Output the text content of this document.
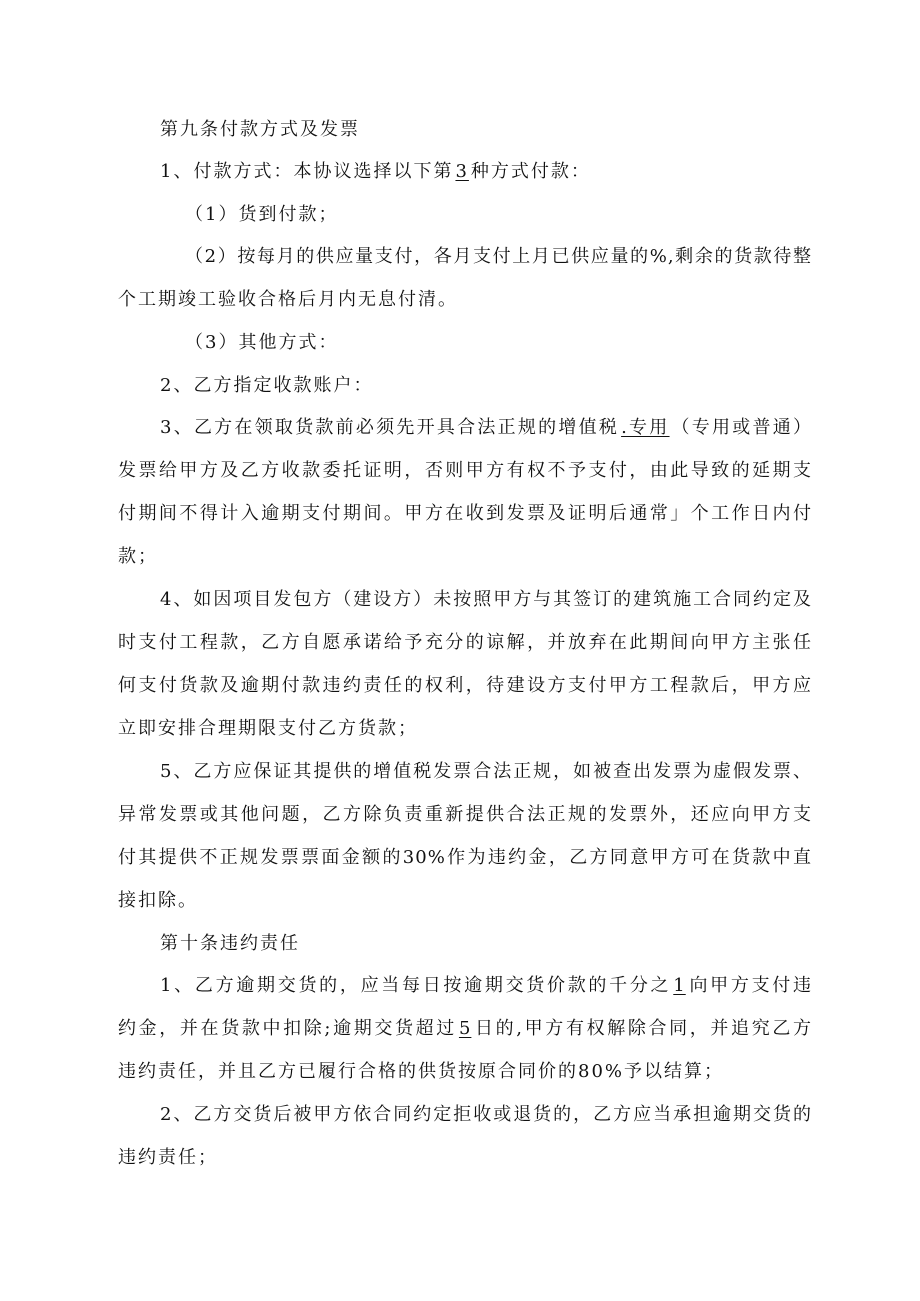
第九条付款方式及发票
1、付款方式：本协议选择以下第 3 种方式付款：
（1）货到付款；
（2）按每月的供应量支付，各月支付上月已供应量的%,剩余的货款待整
个工期竣工验收合格后月内无息付清。
（3）其他方式：
2、乙方指定收款账户：
3、乙方在领取货款前必须先开具合法正规的增值税 .专用 （专用或普通）
发票给甲方及乙方收款委托证明，否则甲方有权不予支付，由此导致的延期支
付期间不得计入逾期支付期间。甲方在收到发票及证明后通常」个工作日内付
款；
4、如因项目发包方（建设方）未按照甲方与其签订的建筑施工合同约定及
时支付工程款，乙方自愿承诺给予充分的谅解，并放弃在此期间向甲方主张任
何支付货款及逾期付款违约责任的权利，待建设方支付甲方工程款后，甲方应
立即安排合理期限支付乙方货款；
5、乙方应保证其提供的增值税发票合法正规，如被查出发票为虚假发票、
异常发票或其他问题，乙方除负责重新提供合法正规的发票外，还应向甲方支
付其提供不正规发票票面金额的30%作为违约金，乙方同意甲方可在货款中直
接扣除。
第十条违约责任
1、乙方逾期交货的，应当每日按逾期交货价款的千分之 1 向甲方支付违
约金，并在货款中扣除;逾期交货超过 5 日的,甲方有权解除合同，并追究乙方
违约责任，并且乙方已履行合格的供货按原合同价的80%予以结算；
2、乙方交货后被甲方依合同约定拒收或退货的，乙方应当承担逾期交货的
违约责任；
